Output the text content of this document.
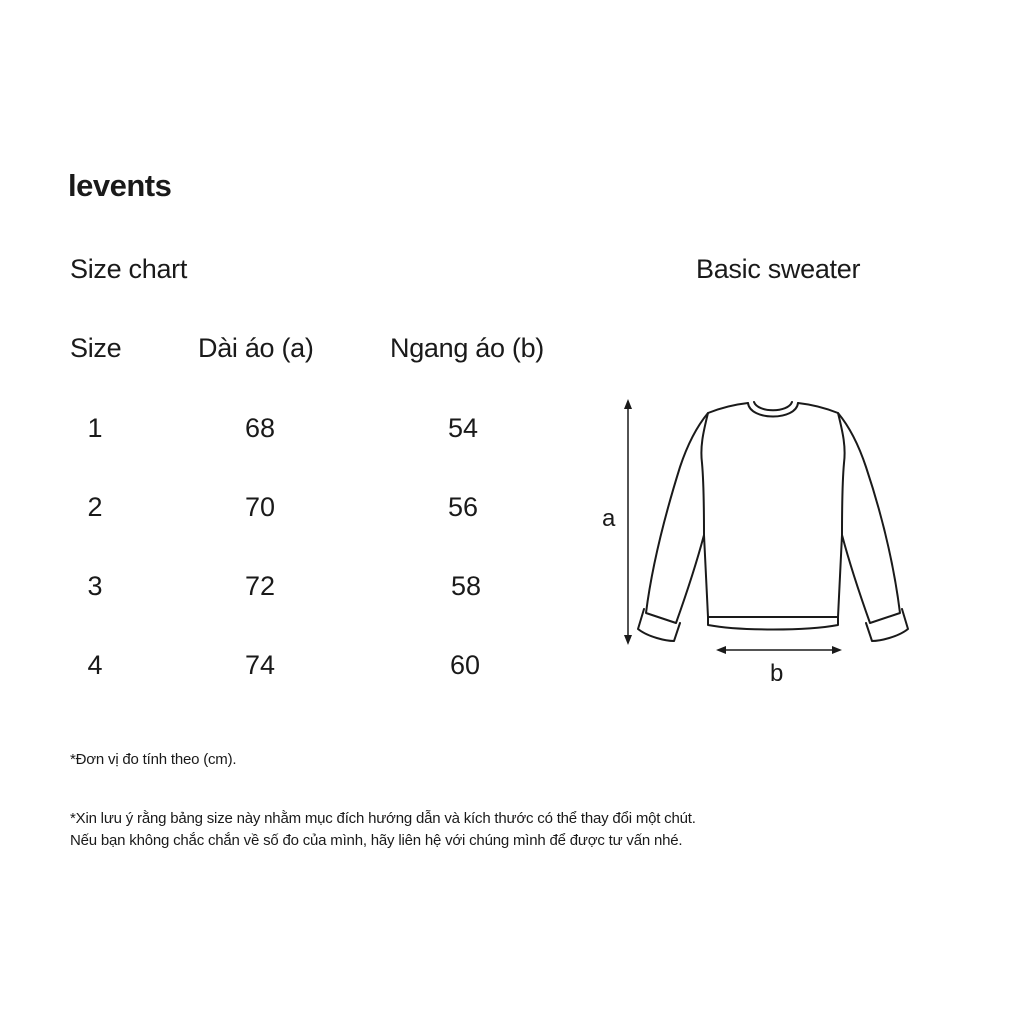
levents
Size chart	Basic sweater
Size	Dài áo (a)	Ngang áo (b)
1	68	54
2	70	56
3	72	58
4	74	60
a
b
*Đơn vị đo tính theo (cm).
*Xin lưu ý rằng bảng size này nhằm mục đích hướng dẫn và kích thước có thể thay đổi một chút.
Nếu bạn không chắc chắn về số đo của mình, hãy liên hệ với chúng mình để được tư vấn nhé.
